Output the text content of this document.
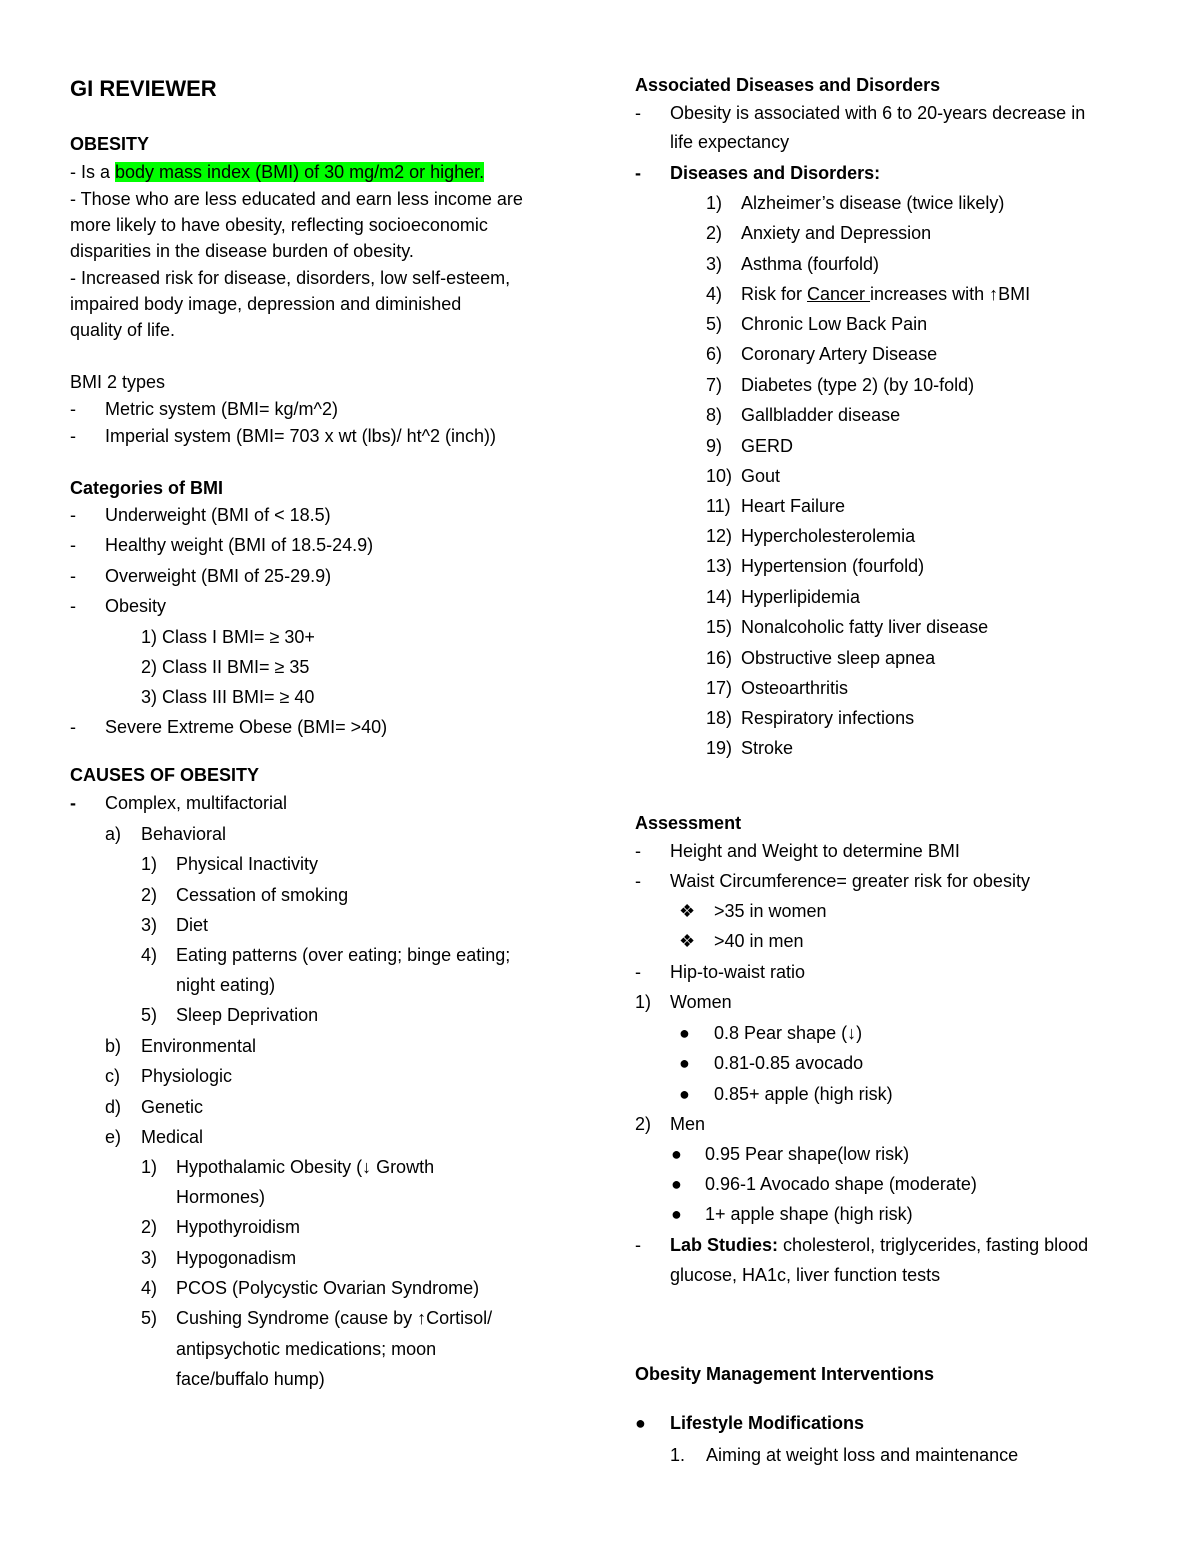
GI REVIEWER
OBESITY
- Is a body mass index (BMI) of 30 mg/m2 or higher.
- Those who are less educated and earn less income are
more likely to have obesity, reflecting socioeconomic
disparities in the disease burden of obesity.
- Increased risk for disease, disorders, low self-esteem,
impaired body image, depression and diminished
quality of life.
BMI 2 types
- Metric system (BMI= kg/m^2)
- Imperial system (BMI= 703 x wt (lbs)/ ht^2 (inch))
Categories of BMI
- Underweight (BMI of < 18.5)
- Healthy weight (BMI of 18.5-24.9)
- Overweight (BMI of 25-29.9)
- Obesity
1) Class I BMI= ≥ 30+
2) Class II BMI= ≥ 35
3) Class III BMI= ≥ 40
- Severe Extreme Obese (BMI= >40)
CAUSES OF OBESITY
- Complex, multifactorial
a) Behavioral
1) Physical Inactivity
2) Cessation of smoking
3) Diet
4) Eating patterns (over eating; binge eating;
night eating)
5) Sleep Deprivation
b) Environmental
c) Physiologic
d) Genetic
e) Medical
1) Hypothalamic Obesity (↓ Growth
Hormones)
2) Hypothyroidism
3) Hypogonadism
4) PCOS (Polycystic Ovarian Syndrome)
5) Cushing Syndrome (cause by ↑Cortisol/
antipsychotic medications; moon
face/buffalo hump)
Associated Diseases and Disorders
- Obesity is associated with 6 to 20-years decrease in
life expectancy
- Diseases and Disorders:
1) Alzheimer’s disease (twice likely)
2) Anxiety and Depression
3) Asthma (fourfold)
4) Risk for Cancer increases with ↑BMI
5) Chronic Low Back Pain
6) Coronary Artery Disease
7) Diabetes (type 2) (by 10-fold)
8) Gallbladder disease
9) GERD
10) Gout
11) Heart Failure
12) Hypercholesterolemia
13) Hypertension (fourfold)
14) Hyperlipidemia
15) Nonalcoholic fatty liver disease
16) Obstructive sleep apnea
17) Osteoarthritis
18) Respiratory infections
19) Stroke
Assessment
- Height and Weight to determine BMI
- Waist Circumference= greater risk for obesity
❖ >35 in women
❖ >40 in men
- Hip-to-waist ratio
1) Women
● 0.8 Pear shape (↓)
● 0.81-0.85 avocado
● 0.85+ apple (high risk)
2) Men
● 0.95 Pear shape(low risk)
● 0.96-1 Avocado shape (moderate)
● 1+ apple shape (high risk)
- Lab Studies: cholesterol, triglycerides, fasting blood
glucose, HA1c, liver function tests
Obesity Management Interventions
● Lifestyle Modifications
1. Aiming at weight loss and maintenance
